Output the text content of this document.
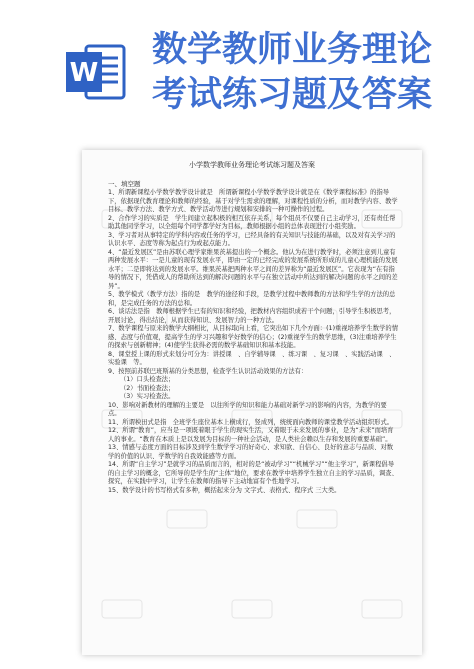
W
数学教师业务理论
考试练习题及答案
小学数学教师业务理论考试练习题及答案

一、填空题

1、所谓新课程小学数学教学设计就是　所谓新课程小学数学教学设计就是在《数学课程标准》的指导下，依据现代教育理论和教师的经验，基于对学生需求的理解，对课程性质的分析，而对教学内容、教学目标、教学方法、教学方式、教学活动等进行规划和安排的一种可操作的过程。

2、合作学习的实质是　学生间建立起积极的相互依存关系，每个组员不仅要自己主动学习，还有责任帮助其他同学学习，以全组每个同学都学好为目标，教师根据小组的总体表现进行小组奖励。

3、学习者对从事特定的学科内容或任务的学习，已经具备的有关知识与技能的基础，以及对有关学习的认识水平、态度等称为起点行为或起点能力。

4、“最近发展区”是由苏联心理学家维果茨基提出的一个概念。他认为在进行教学时，必须注意到儿童有两种发展水平：一是儿童的现有发展水平，即由一定的已经完成的发展系统所形成的儿童心理机能的发展水平；二是即将达到的发展水平。维果茨基把两种水平之间的差异称为“最近发展区”。它表现为“在有指导的情况下，凭借成人的帮助所达到的解决问题的水平与在独立活动中所达到的解决问题的水平之间的差异”。

5、教学模式（教学方法）指的是　教学的途径和手段，是教学过程中教师教的方法和学生学的方法的总和，是完成任务的方法的总和。

6、谈话法是指　教师根据学生已有的知识和经验，把教材内容组织成若干个问题，引导学生积极思考，开展讨论，得出结论，从而获得知识、发展智力的一种方法。

7、数学课程与原来的数学大纲相比，从目标取向上看，它突出如下几个方面：(1)重视培养学生数学的情感、态度与价值观，提高学生的学习兴趣和学好数学的信心；(2)重视学生的数学思维，(3)注重培养学生的探索与创新精神；(4)使学生获得必需的数学基础知识和基本技能。

8、课堂授上课的形式来划分可分为：讲授课　、自学辅导课　、练习课　、复习课　、实践活动课　、实验课　等。

9、按照前苏联巴班斯基的分类思想，检查学生认识活动效果的方法有：

（1）口头检查法；

（2）书面检查法；

（3）实习检查法。

10、影响对新教材的理解的主要是　以往所学的知识和能力基础对新学习的影响的内容，为教学的要点。

11、所谓秧田式是指　全班学生座位基本上横成行，竖成列，统统面向教师的课堂教学活动组织形式。

12、所谓“教育”，应当是一项既着眼于学生的现实生活，又着眼于未来发展的事业，是为“未来”而培育人的事业。“教育在本质上是以发展为目标的一种社会活动，是人类社会赖以生存和发展的重要基础”。

13、情感与态度方面的目标涉及到学生数学学习的好奇心、求知欲、自信心、良好的意志与品质、对数学的价值的认识、学数学的自我效能感等方面。

14、所谓“自主学习”是就学习的品质而言的，相对的是“被动学习”“机械学习”“他主学习”，新课程倡导的自主学习的概念，它所导的是学生的“主体”地位，要求在教学中培养学生独立自主的学习品质，调查、探究，在实践中学习，让学生在教师的指导下主动地富有个性地学习。

15、数学设计的书写格式有多种，概括起来分为 文字式、表格式、程序式 三大类。
